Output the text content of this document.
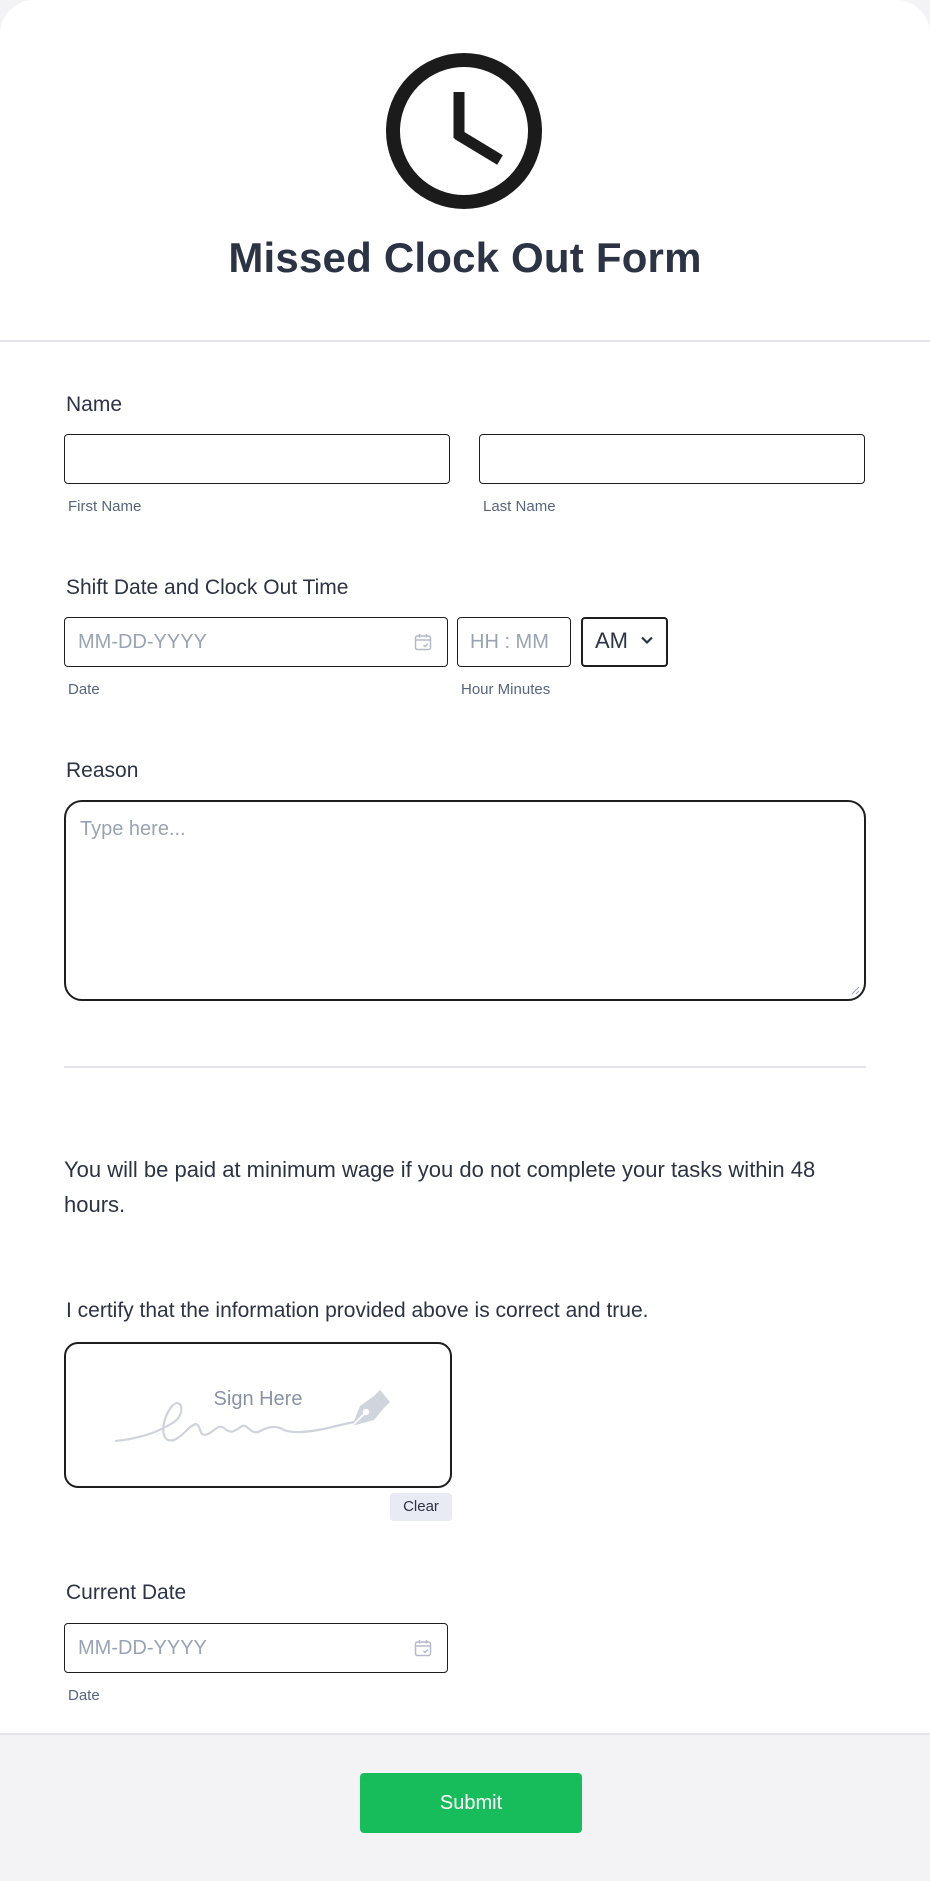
Missed Clock Out Form
Name
First Name	Last Name
Shift Date and Clock Out Time
MM-DD-YYYY
HH : MM
AM
Date	Hour Minutes
Reason
Type here...
You will be paid at minimum wage if you do not complete your tasks within 48 hours.
I certify that the information provided above is correct and true.
Sign Here
Clear
Current Date
MM-DD-YYYY
Date
Submit
